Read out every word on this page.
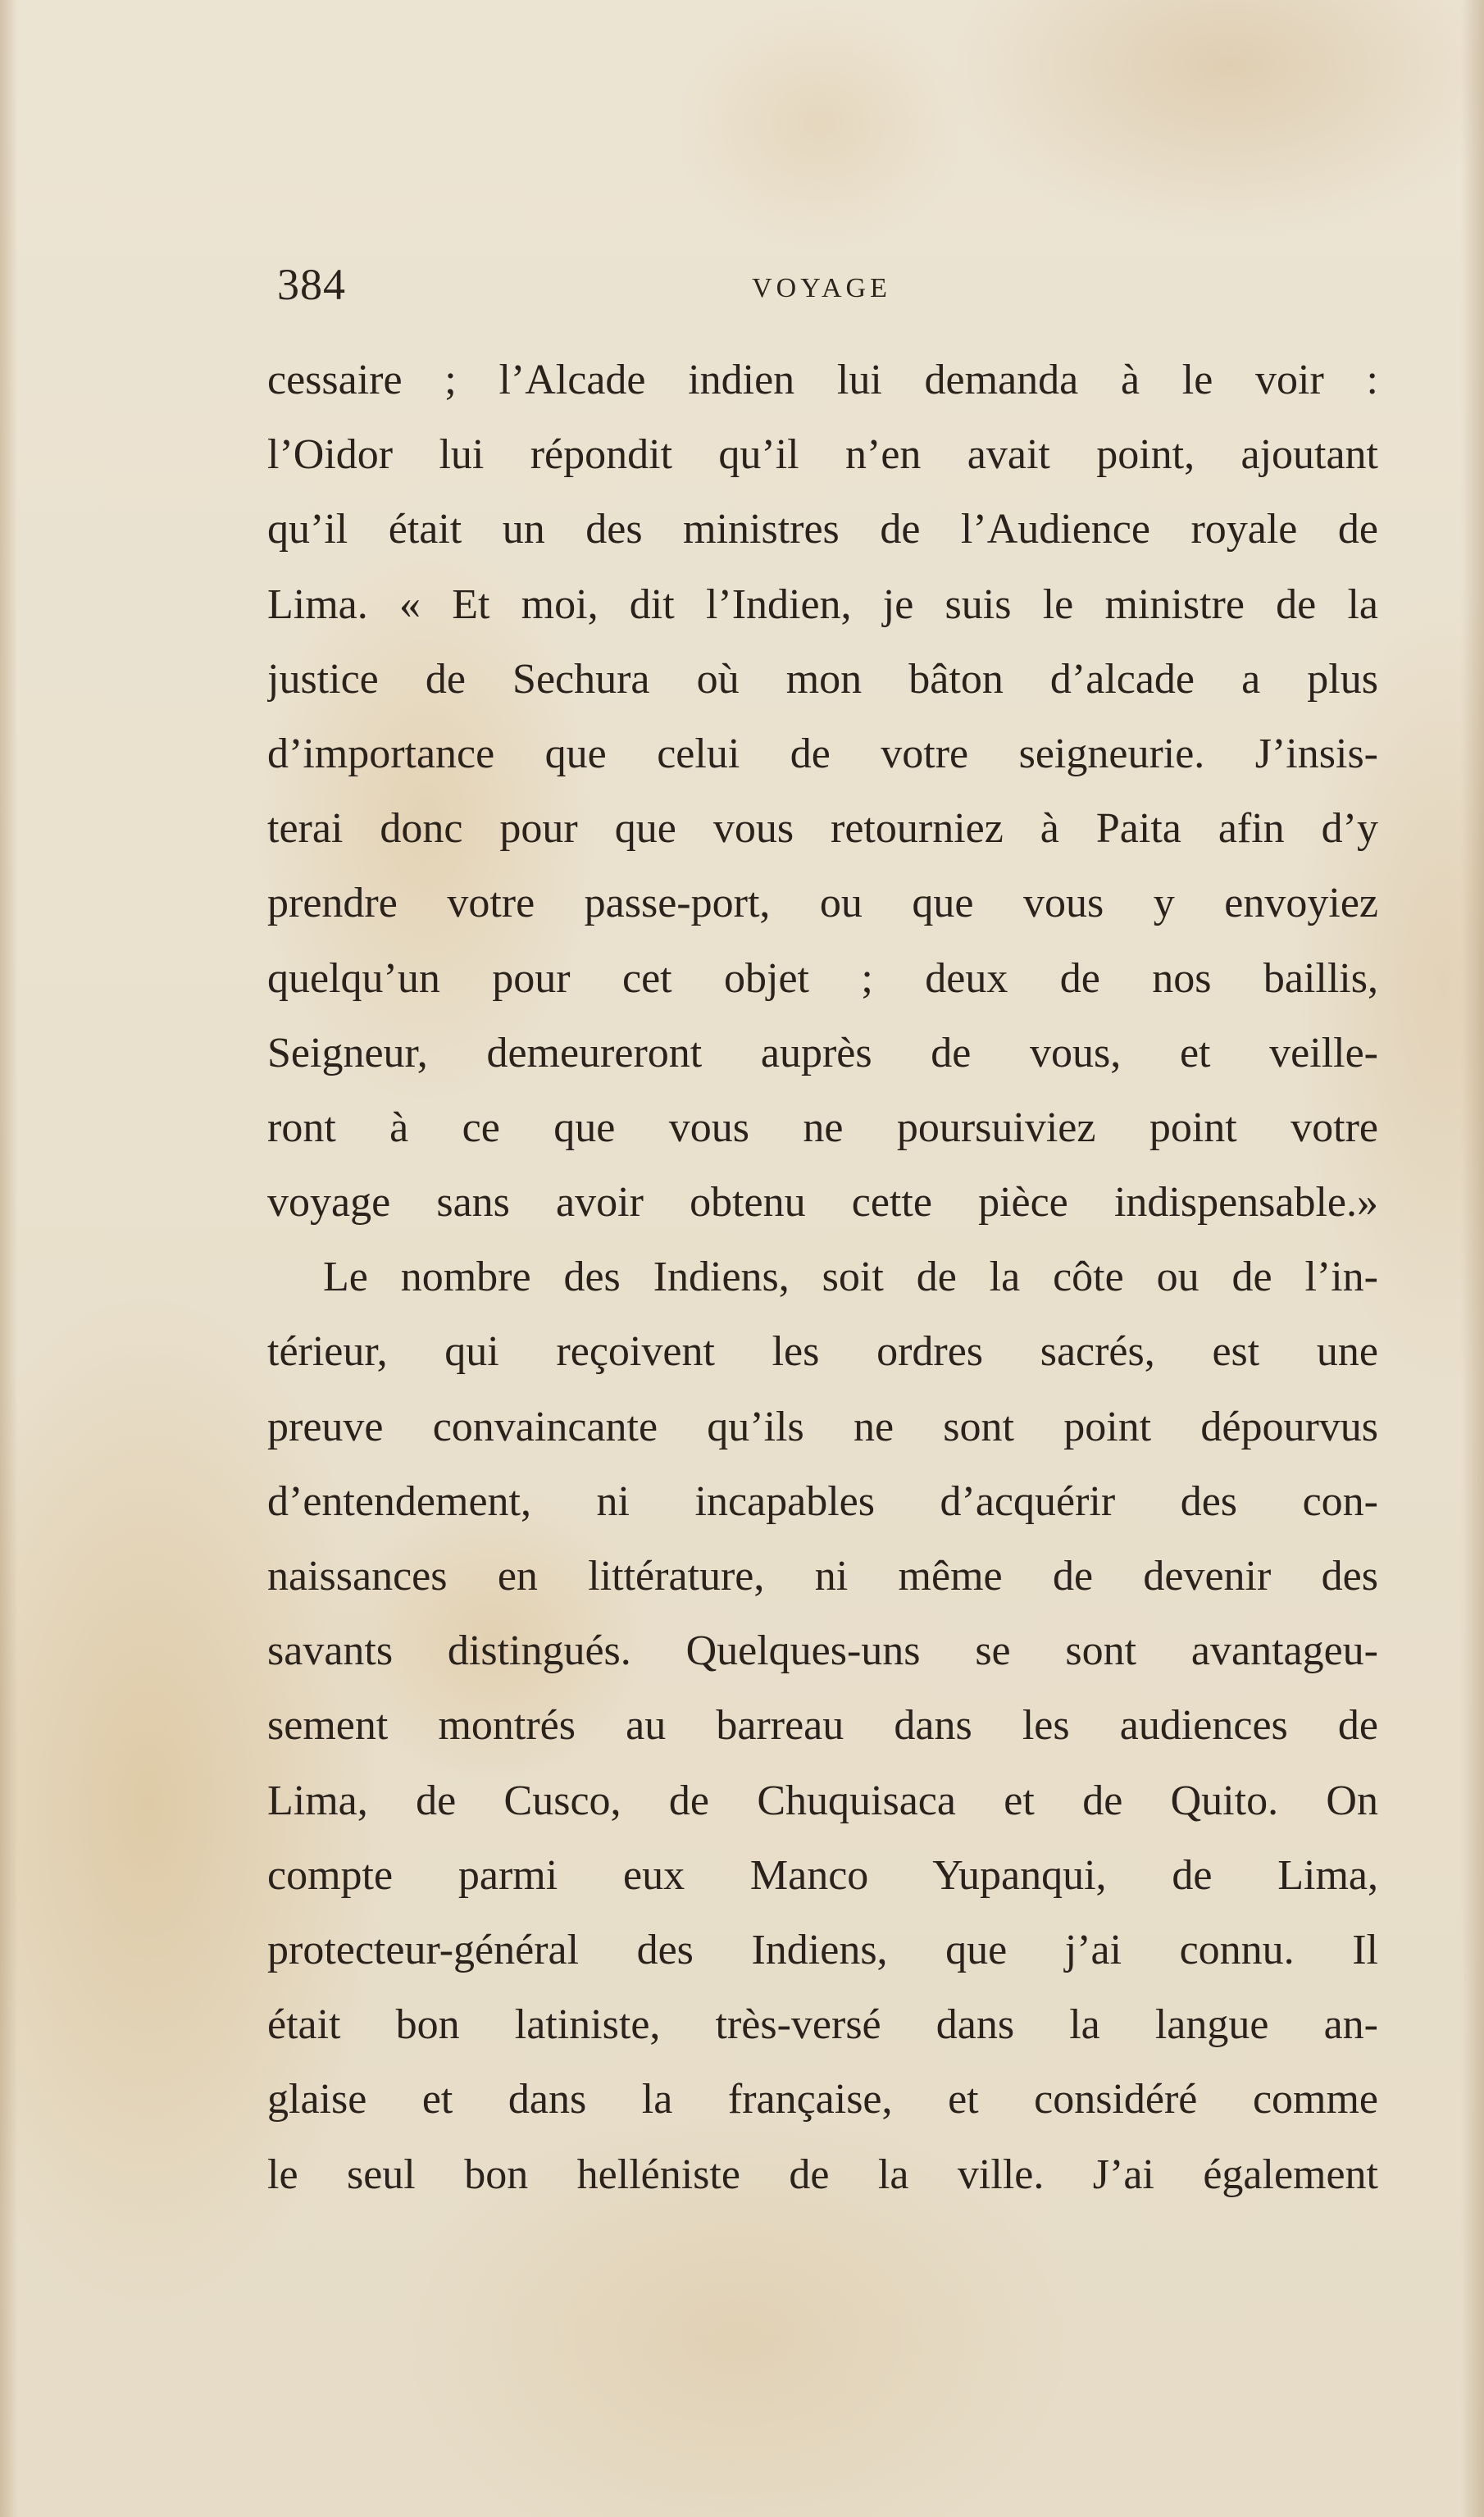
384	VOYAGE
cessaire ; l’Alcade indien lui demanda à le voir :
l’Oidor lui répondit qu’il n’en avait point, ajoutant
qu’il était un des ministres de l’Audience royale de
Lima. « Et moi, dit l’Indien, je suis le ministre de la
justice de Sechura où mon bâton d’alcade a plus
d’importance que celui de votre seigneurie. J’insis-
terai donc pour que vous retourniez à Paita afin d’y
prendre votre passe-port, ou que vous y envoyiez
quelqu’un pour cet objet ; deux de nos baillis,
Seigneur, demeureront auprès de vous, et veille-
ront à ce que vous ne poursuiviez point votre
voyage sans avoir obtenu cette pièce indispensable.»
Le nombre des Indiens, soit de la côte ou de l’in-
térieur, qui reçoivent les ordres sacrés, est une
preuve convaincante qu’ils ne sont point dépourvus
d’entendement, ni incapables d’acquérir des con-
naissances en littérature, ni même de devenir des
savants distingués. Quelques-uns se sont avantageu-
sement montrés au barreau dans les audiences de
Lima, de Cusco, de Chuquisaca et de Quito. On
compte parmi eux Manco Yupanqui, de Lima,
protecteur-général des Indiens, que j’ai connu. Il
était bon latiniste, très-versé dans la langue an-
glaise et dans la française, et considéré comme
le seul bon helléniste de la ville. J’ai également
